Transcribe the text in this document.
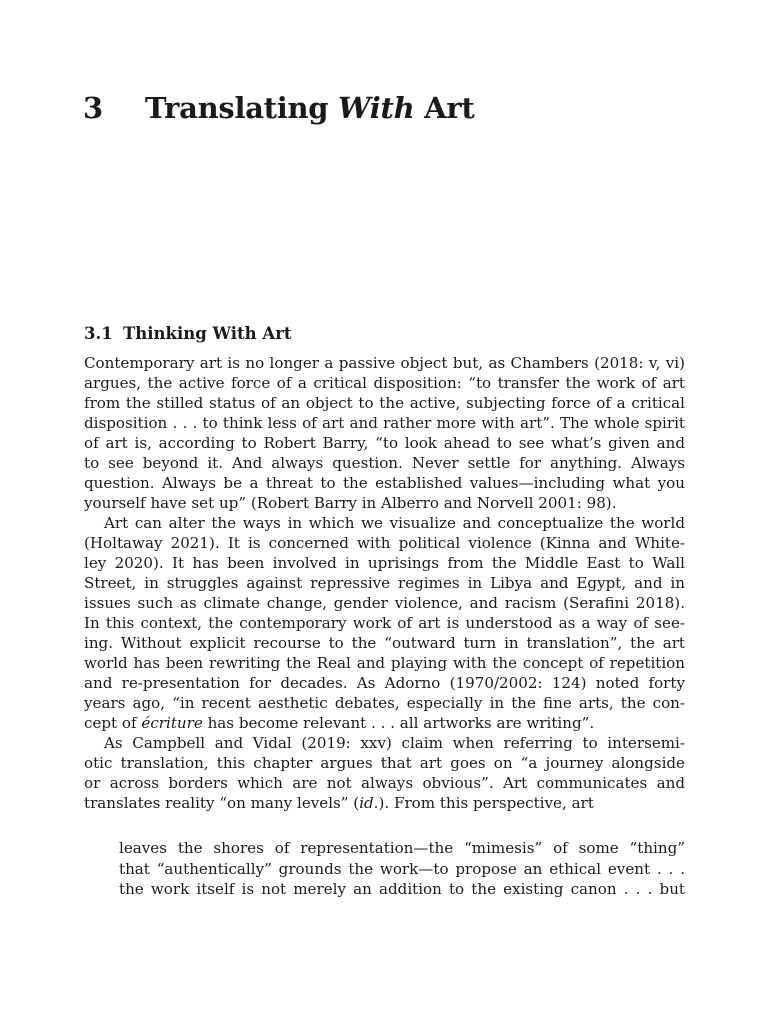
3 Translating With Art
3.1 Thinking With Art
Contemporary art is no longer a passive object but, as Chambers (2018: v, vi)
argues, the active force of a critical disposition: “to transfer the work of art
from the stilled status of an object to the active, subjecting force of a critical
disposition . . . to think less of art and rather more with art”. The whole spirit
of art is, according to Robert Barry, “to look ahead to see what’s given and
to see beyond it. And always question. Never settle for anything. Always
question. Always be a threat to the established values—including what you
yourself have set up” (Robert Barry in Alberro and Norvell 2001: 98).
Art can alter the ways in which we visualize and conceptualize the world
(Holtaway 2021). It is concerned with political violence (Kinna and White-
ley 2020). It has been involved in uprisings from the Middle East to Wall
Street, in struggles against repressive regimes in Libya and Egypt, and in
issues such as climate change, gender violence, and racism (Serafini 2018).
In this context, the contemporary work of art is understood as a way of see-
ing. Without explicit recourse to the “outward turn in translation”, the art
world has been rewriting the Real and playing with the concept of repetition
and re-presentation for decades. As Adorno (1970/2002: 124) noted forty
years ago, “in recent aesthetic debates, especially in the fine arts, the con-
cept of écriture has become relevant . . . all artworks are writing”.
As Campbell and Vidal (2019: xxv) claim when referring to intersemi-
otic translation, this chapter argues that art goes on “a journey alongside
or across borders which are not always obvious”. Art communicates and
translates reality “on many levels” (id.). From this perspective, art
leaves the shores of representation—the “mimesis” of some “thing”
that “authentically” grounds the work—to propose an ethical event . . .
the work itself is not merely an addition to the existing canon . . . but
